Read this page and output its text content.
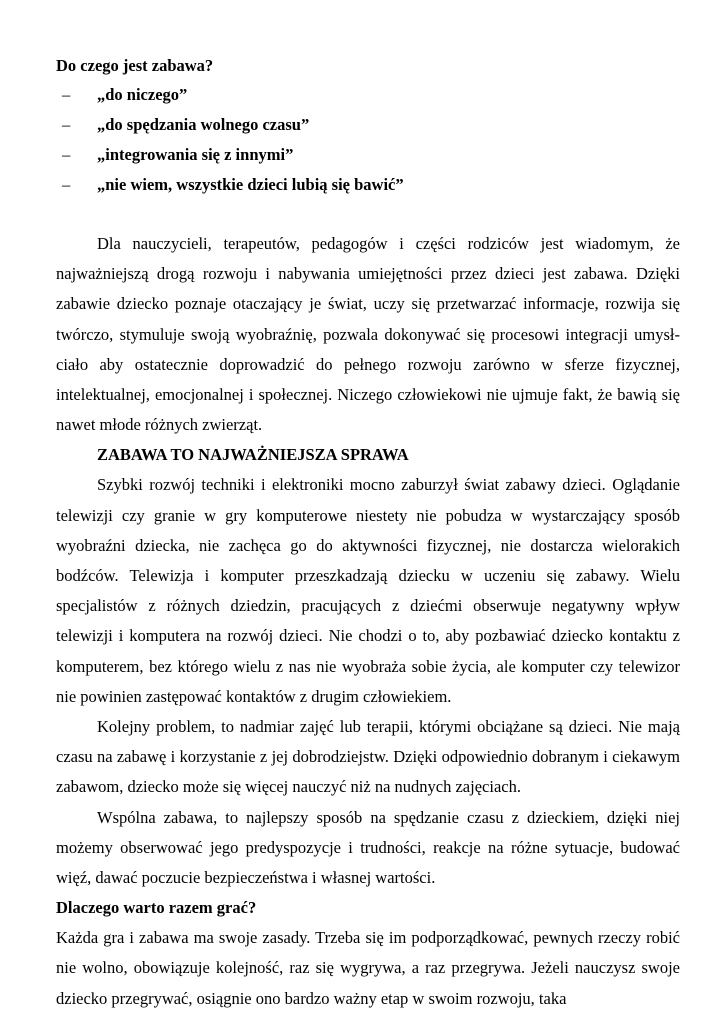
Do czego jest zabawa?

– „do niczego”
– „do spędzania wolnego czasu”
– „integrowania się z innymi”
– „nie wiem, wszystkie dzieci lubią się bawić”

Dla nauczycieli, terapeutów, pedagogów i części rodziców jest wiadomym, że najważniejszą drogą rozwoju i nabywania umiejętności przez dzieci jest zabawa. Dzięki zabawie dziecko poznaje otaczający je świat, uczy się przetwarzać informacje, rozwija się twórczo, stymuluje swoją wyobraźnię, pozwala dokonywać się procesowi integracji umysł-ciało aby ostatecznie doprowadzić do pełnego rozwoju zarówno w sferze fizycznej, intelektualnej, emocjonalnej i społecznej. Niczego człowiekowi nie ujmuje fakt, że bawią się nawet młode różnych zwierząt.

ZABAWA TO NAJWAŻNIEJSZA SPRAWA

Szybki rozwój techniki i elektroniki mocno zaburzył świat zabawy dzieci. Oglądanie telewizji czy granie w gry komputerowe niestety nie pobudza w wystarczający sposób wyobraźni dziecka, nie zachęca go do aktywności fizycznej, nie dostarcza wielorakich bodźców. Telewizja i komputer przeszkadzają dziecku w uczeniu się zabawy. Wielu specjalistów z różnych dziedzin, pracujących z dziećmi obserwuje negatywny wpływ telewizji i komputera na rozwój dzieci. Nie chodzi o to, aby pozbawiać dziecko kontaktu z komputerem, bez którego wielu z nas nie wyobraża sobie życia, ale komputer czy telewizor nie powinien zastępować kontaktów z drugim człowiekiem.

Kolejny problem, to nadmiar zajęć lub terapii, którymi obciążane są dzieci. Nie mają czasu na zabawę i korzystanie z jej dobrodziejstw. Dzięki odpowiednio dobranym i ciekawym zabawom, dziecko może się więcej nauczyć niż na nudnych zajęciach.

Wspólna zabawa, to najlepszy sposób na spędzanie czasu z dzieckiem, dzięki niej możemy obserwować jego predyspozycje i trudności, reakcje na różne sytuacje, budować więź, dawać poczucie bezpieczeństwa i własnej wartości.

Dlaczego warto razem grać?

Każda gra i zabawa ma swoje zasady. Trzeba się im podporządkować, pewnych rzeczy robić nie wolno, obowiązuje kolejność, raz się wygrywa, a raz przegrywa. Jeżeli nauczysz swoje dziecko przegrywać, osiągnie ono bardzo ważny etap w swoim rozwoju, taka
